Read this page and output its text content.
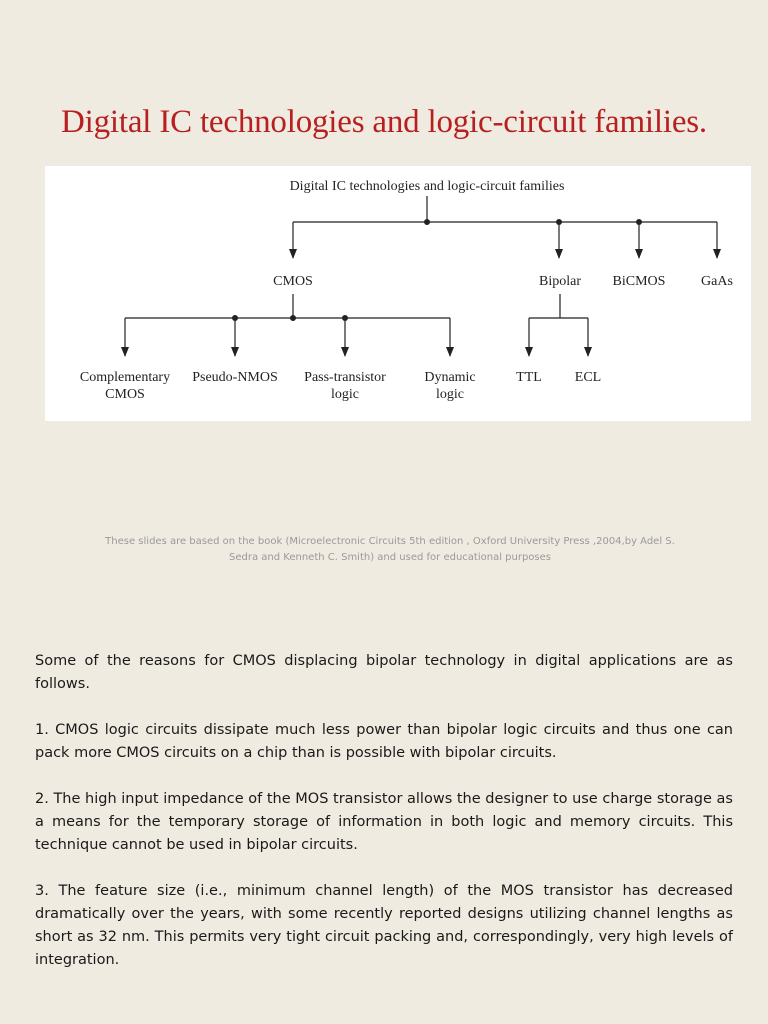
Digital IC technologies and logic-circuit families.
Digital IC technologies and logic-circuit families
CMOS	Bipolar BiCMOS	GaAs
Complementary
CMOS
Pseudo-NMOS Pass-transistor
logic
Dynamic
logic
TTL ECL
These slides are based on the book (Microelectronic Circuits 5th edition , Oxford University Press ,2004,by Adel S.
Sedra and Kenneth C. Smith) and used for educational purposes

Some of the reasons for CMOS displacing bipolar technology in digital applications are as follows.

1. CMOS logic circuits dissipate much less power than bipolar logic circuits and thus one can pack more CMOS circuits on a chip than is possible with bipolar circuits.

2. The high input impedance of the MOS transistor allows the designer to use charge storage as a means for the temporary storage of information in both logic and memory circuits. This technique cannot be used in bipolar circuits.

3. The feature size (i.e., minimum channel length) of the MOS transistor has decreased dramatically over the years, with some recently reported designs utilizing channel lengths as short as 32 nm. This permits very tight circuit packing and, correspondingly, very high levels of integration.
